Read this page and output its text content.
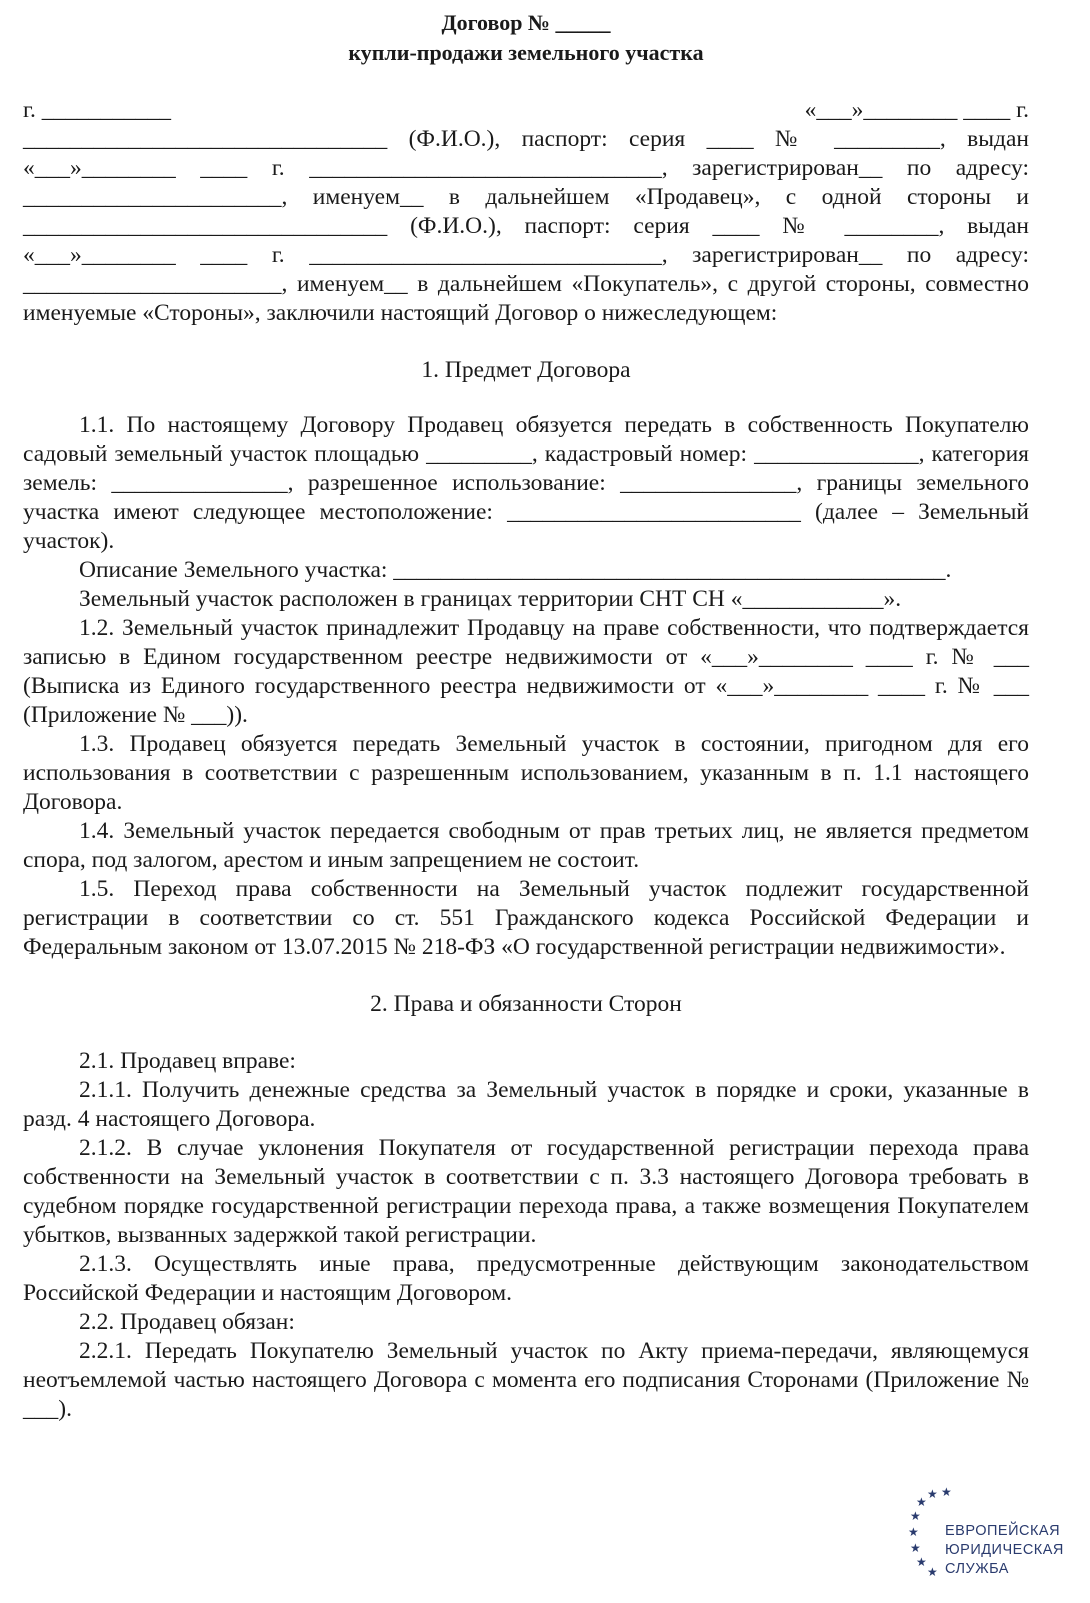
Договор № _____

купли-продажи земельного участка

г. ___________	«___»________ ____ г.

_______________________________ (Ф.И.О.), паспорт: серия ____ № _________, выдан «___»________ ____ г. ______________________________, зарегистрирован__ по адресу: ______________________, именуем__ в дальнейшем «Продавец», с одной стороны и _______________________________ (Ф.И.О.), паспорт: серия ____ № ________, выдан «___»________ ____ г. ______________________________, зарегистрирован__ по адресу: ______________________, именуем__ в дальнейшем «Покупатель», с другой стороны, совместно именуемые «Стороны», заключили настоящий Договор о нижеследующем:

1. Предмет Договора

1.1. По настоящему Договору Продавец обязуется передать в собственность Покупателю садовый земельный участок площадью _________, кадастровый номер: ______________, категория земель: _______________, разрешенное использование: _______________, границы земельного участка имеют следующее местоположение: _________________________ (далее – Земельный участок).

Описание Земельного участка: _______________________________________________.

Земельный участок расположен в границах территории СНТ СН «____________».

1.2. Земельный участок принадлежит Продавцу на праве собственности, что подтверждается записью в Едином государственном реестре недвижимости от «___»________ ____ г. № ___ (Выписка из Единого государственного реестра недвижимости от «___»________ ____ г. № ___ (Приложение № ___)).

1.3. Продавец обязуется передать Земельный участок в состоянии, пригодном для его использования в соответствии с разрешенным использованием, указанным в п. 1.1 настоящего Договора.

1.4. Земельный участок передается свободным от прав третьих лиц, не является предметом спора, под залогом, арестом и иным запрещением не состоит.

1.5. Переход права собственности на Земельный участок подлежит государственной регистрации в соответствии со ст. 551 Гражданского кодекса Российской Федерации и Федеральным законом от 13.07.2015 № 218-ФЗ «О государственной регистрации недвижимости».

2. Права и обязанности Сторон

2.1. Продавец вправе:

2.1.1. Получить денежные средства за Земельный участок в порядке и сроки, указанные в разд. 4 настоящего Договора.

2.1.2. В случае уклонения Покупателя от государственной регистрации перехода права собственности на Земельный участок в соответствии с п. 3.3 настоящего Договора требовать в судебном порядке государственной регистрации перехода права, а также возмещения Покупателем убытков, вызванных задержкой такой регистрации.

2.1.3. Осуществлять иные права, предусмотренные действующим законодательством Российской Федерации и настоящим Договором.

2.2. Продавец обязан:

2.2.1. Передать Покупателю Земельный участок по Акту приема-передачи, являющемуся неотъемлемой частью настоящего Договора с момента его подписания Сторонами (Приложение № ___).

★ ★
★
★
★
★
★
★
ЕВРОПЕЙСКАЯ
ЮРИДИЧЕСКАЯ
СЛУЖБА
